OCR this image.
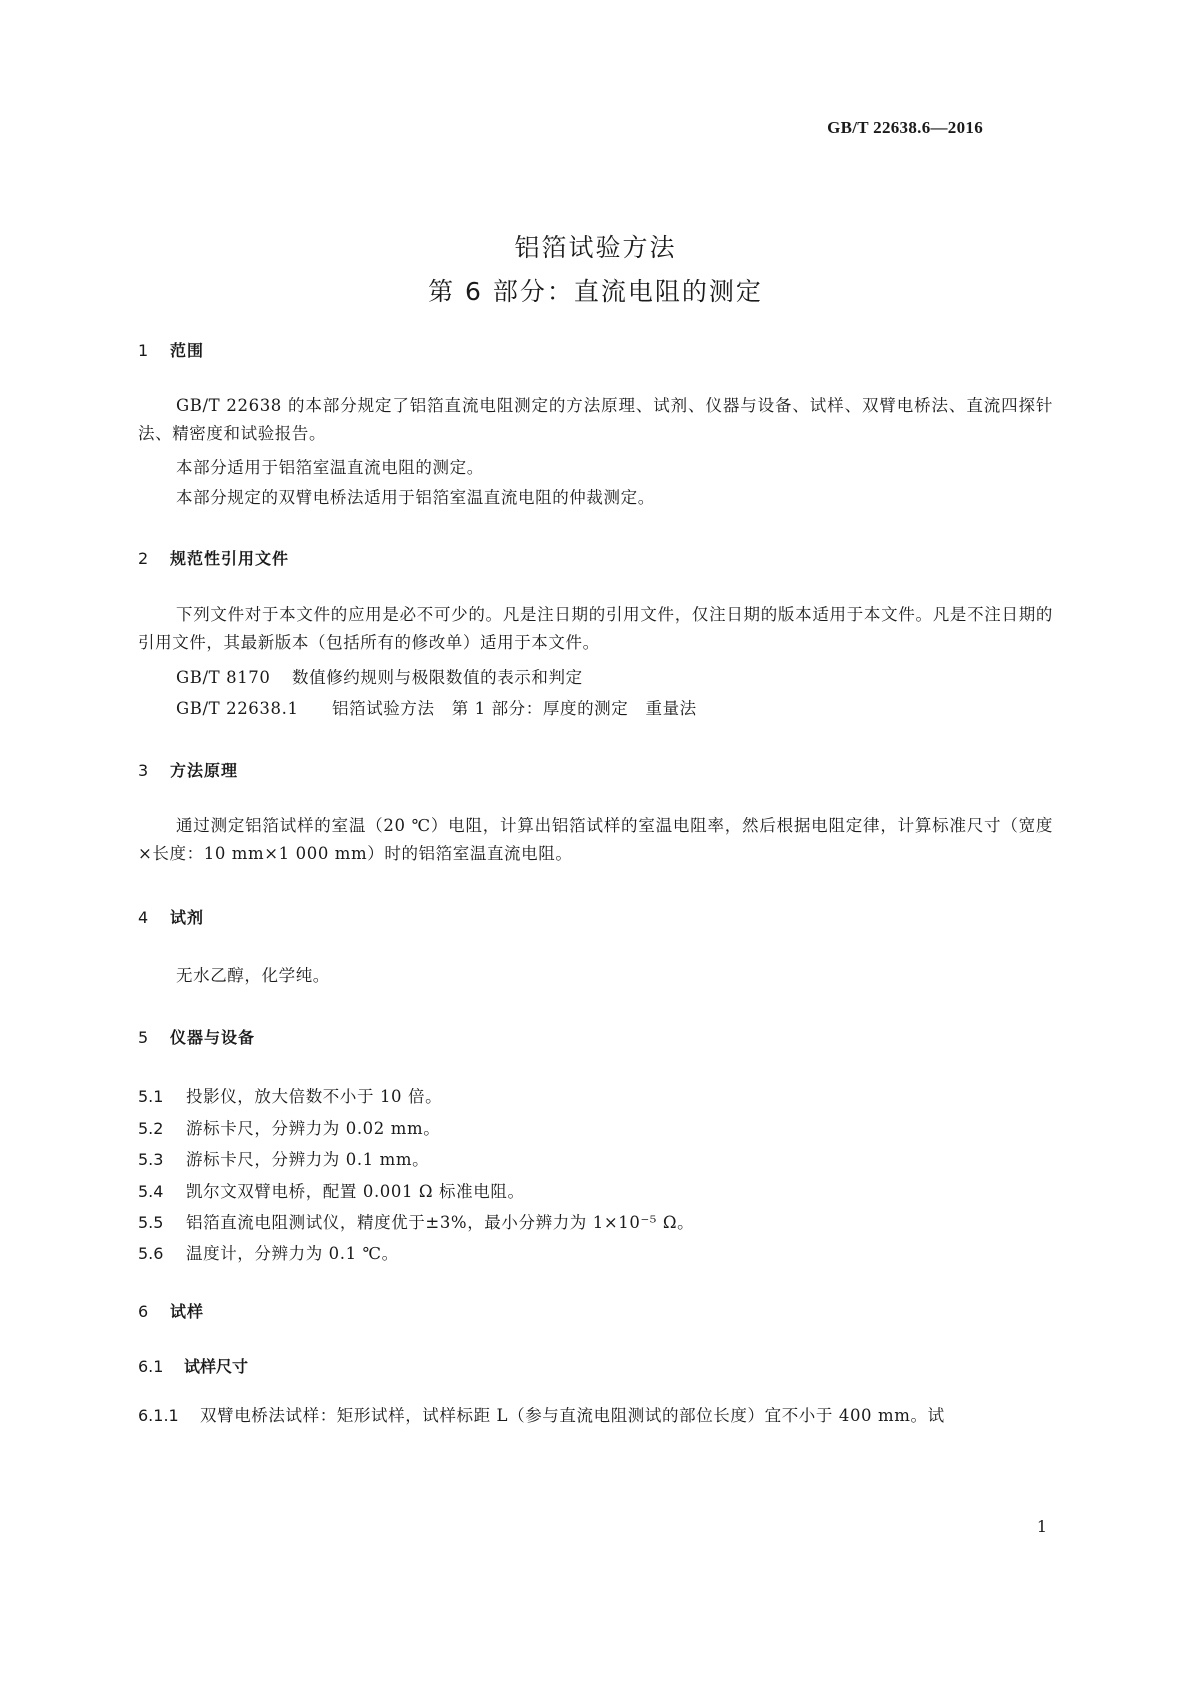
GB/T 22638.6—2016
铝箔试验方法
第 6 部分：直流电阻的测定
1 范围
GB/T 22638 的本部分规定了铝箔直流电阻测定的方法原理、试剂、仪器与设备、试样、双臂电桥法、直流四探针法、精密度和试验报告。
本部分适用于铝箔室温直流电阻的测定。
本部分规定的双臂电桥法适用于铝箔室温直流电阻的仲裁测定。
2 规范性引用文件
下列文件对于本文件的应用是必不可少的。凡是注日期的引用文件，仅注日期的版本适用于本文件。凡是不注日期的引用文件，其最新版本（包括所有的修改单）适用于本文件。
GB/T 8170 数值修约规则与极限数值的表示和判定
GB/T 22638.1 铝箔试验方法　第 1 部分：厚度的测定　重量法
3 方法原理
通过测定铝箔试样的室温（20 ℃）电阻，计算出铝箔试样的室温电阻率，然后根据电阻定律，计算标准尺寸（宽度×长度：10 mm×1 000 mm）时的铝箔室温直流电阻。
4 试剂
无水乙醇，化学纯。
5 仪器与设备
5.1 投影仪，放大倍数不小于 10 倍。
5.2 游标卡尺，分辨力为 0.02 mm。
5.3 游标卡尺，分辨力为 0.1 mm。
5.4 凯尔文双臂电桥，配置 0.001 Ω 标准电阻。
5.5 铝箔直流电阻测试仪，精度优于±3%，最小分辨力为 1×10⁻⁵ Ω。
5.6 温度计，分辨力为 0.1 ℃。
6 试样
6.1 试样尺寸
6.1.1 双臂电桥法试样：矩形试样，试样标距 L（参与直流电阻测试的部位长度）宜不小于 400 mm。试
1
